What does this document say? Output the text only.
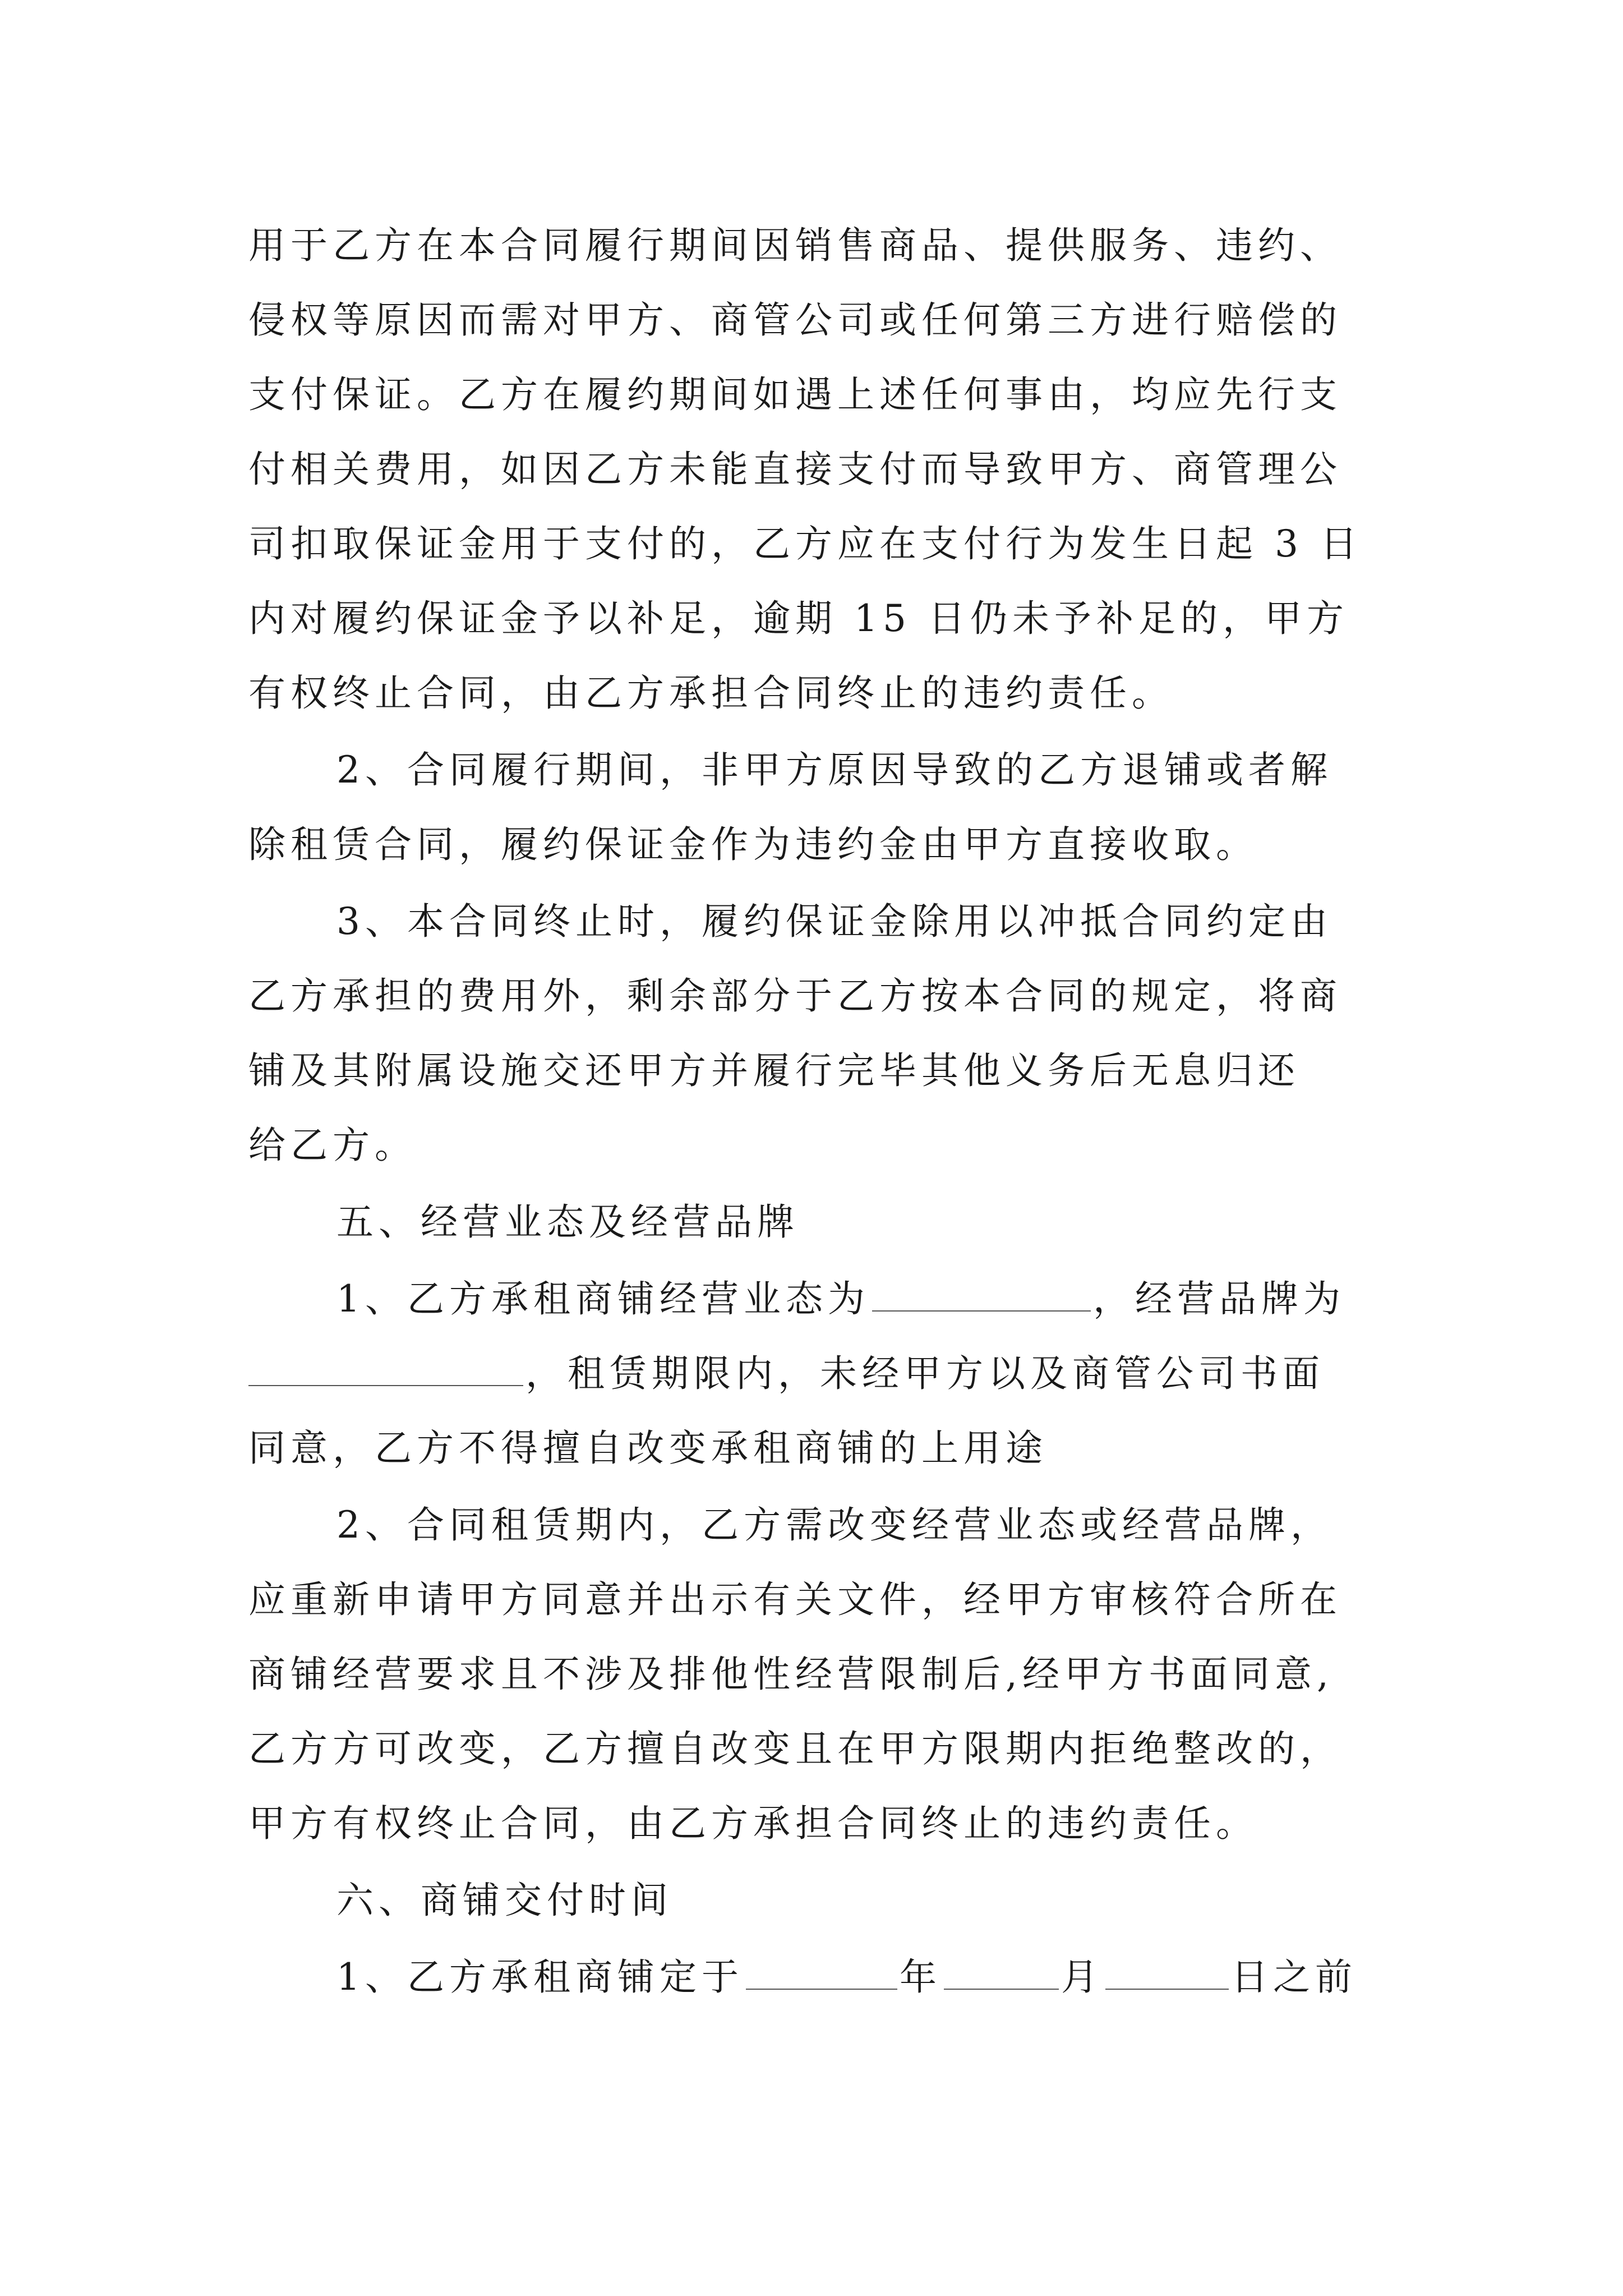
用于乙方在本合同履行期间因销售商品、提供服务、违约、
侵权等原因而需对甲方、商管公司或任何第三方进行赔偿的
支付保证。乙方在履约期间如遇上述任何事由，均应先行支
付相关费用，如因乙方未能直接支付而导致甲方、商管理公
司扣取保证金用于支付的，乙方应在支付行为发生日起 3 日
内对履约保证金予以补足，逾期 15 日仍未予补足的，甲方
有权终止合同，由乙方承担合同终止的违约责任。
2、合同履行期间，非甲方原因导致的乙方退铺或者解
除租赁合同，履约保证金作为违约金由甲方直接收取。
3、本合同终止时，履约保证金除用以冲抵合同约定由
乙方承担的费用外，剩余部分于乙方按本合同的规定，将商
铺及其附属设施交还甲方并履行完毕其他义务后无息归还
给乙方。
五、经营业态及经营品牌
1、乙方承租商铺经营业态为	，经营品牌为
，租赁期限内，未经甲方以及商管公司书面
同意，乙方不得擅自改变承租商铺的上用途
2、合同租赁期内，乙方需改变经营业态或经营品牌，
应重新申请甲方同意并出示有关文件，经甲方审核符合所在
商铺经营要求且不涉及排他性经营限制后,经甲方书面同意,
乙方方可改变，乙方擅自改变且在甲方限期内拒绝整改的，
甲方有权终止合同，由乙方承担合同终止的违约责任。
六、商铺交付时间
1、乙方承租商铺定于	年	月	日之前
